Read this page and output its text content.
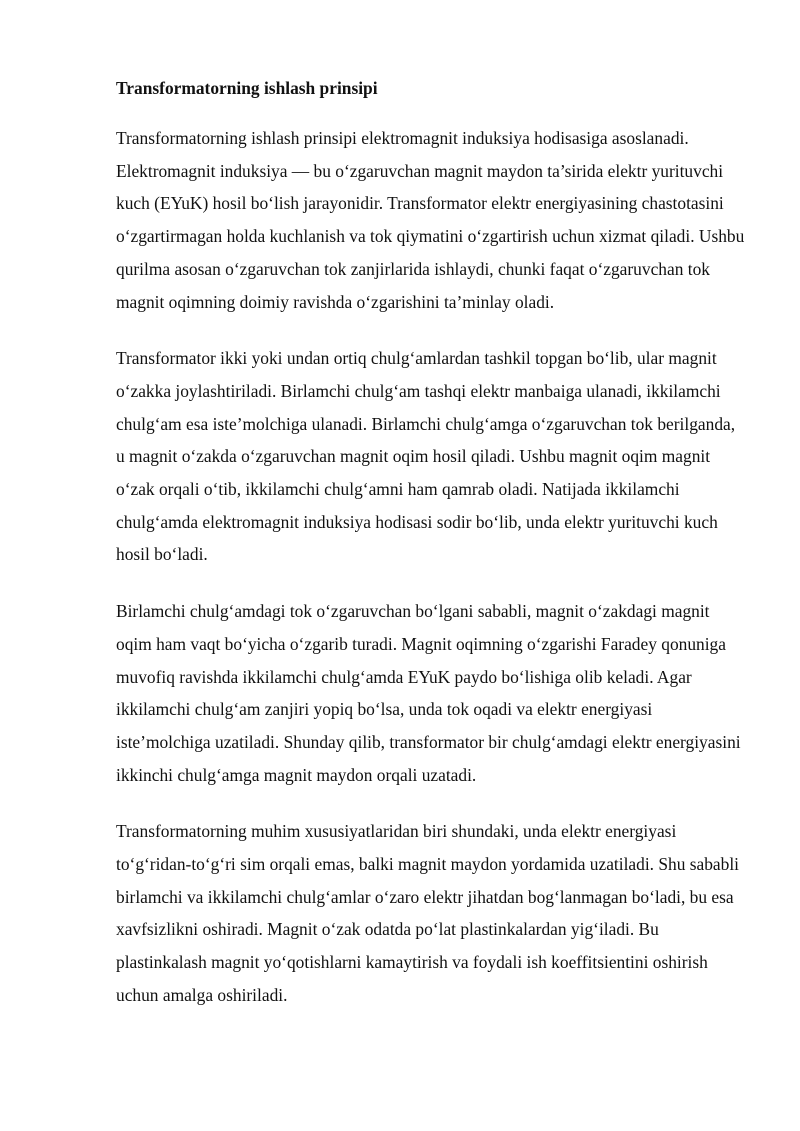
Transformatorning ishlash prinsipi

Transformatorning ishlash prinsipi elektromagnit induksiya hodisasiga asoslanadi. Elektromagnit induksiya — bu o‘zgaruvchan magnit maydon ta’sirida elektr yurituvchi kuch (EYuK) hosil bo‘lish jarayonidir. Transformator elektr energiyasining chastotasini o‘zgartirmagan holda kuchlanish va tok qiymatini o‘zgartirish uchun xizmat qiladi. Ushbu qurilma asosan o‘zgaruvchan tok zanjirlarida ishlaydi, chunki faqat o‘zgaruvchan tok magnit oqimning doimiy ravishda o‘zgarishini ta’minlay oladi.

Transformator ikki yoki undan ortiq chulg‘amlardan tashkil topgan bo‘lib, ular magnit o‘zakka joylashtiriladi. Birlamchi chulg‘am tashqi elektr manbaiga ulanadi, ikkilamchi chulg‘am esa iste’molchiga ulanadi. Birlamchi chulg‘amga o‘zgaruvchan tok berilganda, u magnit o‘zakda o‘zgaruvchan magnit oqim hosil qiladi. Ushbu magnit oqim magnit o‘zak orqali o‘tib, ikkilamchi chulg‘amni ham qamrab oladi. Natijada ikkilamchi chulg‘amda elektromagnit induksiya hodisasi sodir bo‘lib, unda elektr yurituvchi kuch hosil bo‘ladi.

Birlamchi chulg‘amdagi tok o‘zgaruvchan bo‘lgani sababli, magnit o‘zakdagi magnit oqim ham vaqt bo‘yicha o‘zgarib turadi. Magnit oqimning o‘zgarishi Faradey qonuniga muvofiq ravishda ikkilamchi chulg‘amda EYuK paydo bo‘lishiga olib keladi. Agar ikkilamchi chulg‘am zanjiri yopiq bo‘lsa, unda tok oqadi va elektr energiyasi iste’molchiga uzatiladi. Shunday qilib, transformator bir chulg‘amdagi elektr energiyasini ikkinchi chulg‘amga magnit maydon orqali uzatadi.

Transformatorning muhim xususiyatlaridan biri shundaki, unda elektr energiyasi to‘g‘ridan-to‘g‘ri sim orqali emas, balki magnit maydon yordamida uzatiladi. Shu sababli birlamchi va ikkilamchi chulg‘amlar o‘zaro elektr jihatdan bog‘lanmagan bo‘ladi, bu esa xavfsizlikni oshiradi. Magnit o‘zak odatda po‘lat plastinkalardan yig‘iladi. Bu plastinkalash magnit yo‘qotishlarni kamaytirish va foydali ish koeffitsientini oshirish uchun amalga oshiriladi.
